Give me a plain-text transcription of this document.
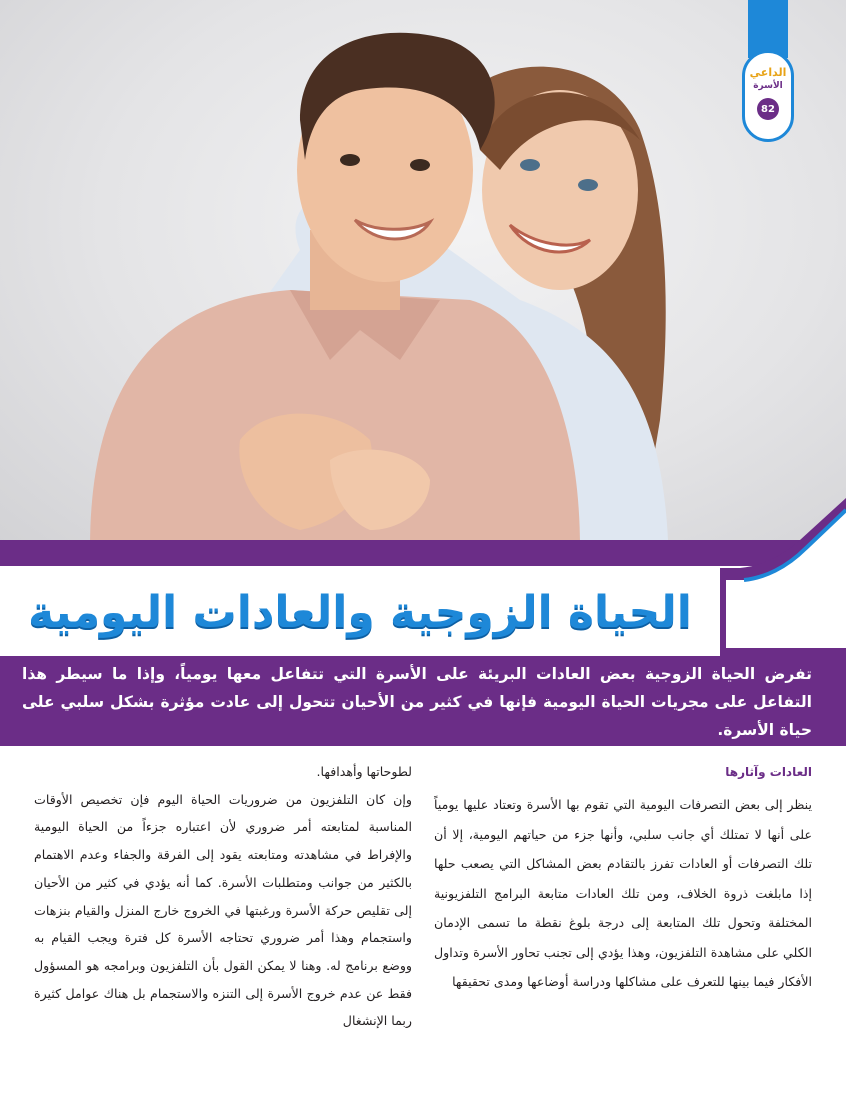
الداعي
الأسرة
82
الحياة الزوجية والعادات اليومية

تفرض الحياة الزوجية بعض العادات البريئة على الأسرة التي تتفاعل معها يومياً، وإذا ما سيطر هذا التفاعل على مجريات الحياة اليومية فإنها في كثير من الأحيان تتحول إلى عادت مؤثرة بشكل سلبي على حياة الأسرة.

العادات وآثارها

ينظر إلى بعض التصرفات اليومية التي تقوم بها الأسرة وتعتاد عليها يومياً على أنها لا تمتلك أي جانب سلبي، وأنها جزء من حياتهم اليومية، إلا أن تلك التصرفات أو العادات تفرز بالتقادم بعض المشاكل التي يصعب حلها إذا مابلغت ذروة الخلاف، ومن تلك العادات متابعة البرامج التلفزيونية المختلفة وتحول تلك المتابعة إلى درجة بلوغ نقطة ما تسمى الإدمان الكلي على مشاهدة التلفزيون، وهذا يؤدي إلى تجنب تحاور الأسرة وتداول الأفكار فيما بينها للتعرف على مشاكلها ودراسة أوضاعها ومدى تحقيقها

لطوحاتها وأهدافها.

وإن كان التلفزيون من ضروريات الحياة اليوم فإن تخصيص الأوقات المناسبة لمتابعته أمر ضروري لأن اعتباره جزءاً من الحياة اليومية والإفراط في مشاهدته ومتابعته يقود إلى الفرقة والجفاء وعدم الاهتمام بالكثير من جوانب ومتطلبات الأسرة. كما أنه يؤدي في كثير من الأحيان إلى تقليص حركة الأسرة ورغبتها في الخروج خارج المنزل والقيام بنزهات واستجمام وهذا أمر ضروري تحتاجه الأسرة كل فترة ويجب القيام به ووضع برنامج له. وهنا لا يمكن القول بأن التلفزيون وبرامجه هو المسؤول فقط عن عدم خروج الأسرة إلى التنزه والاستجمام بل هناك عوامل كثيرة ربما الإنشغال
